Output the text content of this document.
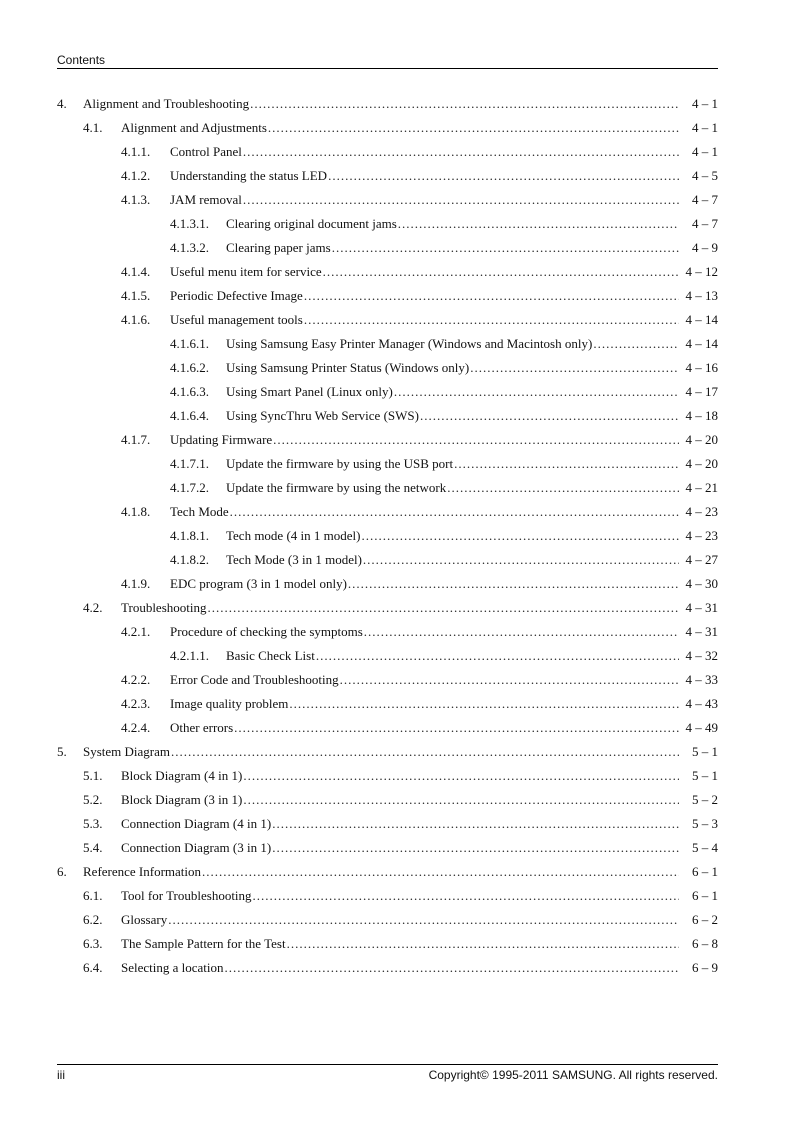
Contents
4. Alignment and Troubleshooting .....	4 – 1
4.1. Alignment and Adjustments .....	4 – 1
4.1.1. Control Panel .....	4 – 1
4.1.2. Understanding the status LED .....	4 – 5
4.1.3. JAM removal .....	4 – 7
4.1.3.1. Clearing original document jams .....	4 – 7
4.1.3.2. Clearing paper jams .....	4 – 9
4.1.4. Useful menu item for service .....	4 – 12
4.1.5. Periodic Defective Image .....	4 – 13
4.1.6. Useful management tools .....	4 – 14
4.1.6.1. Using Samsung Easy Printer Manager (Windows and Macintosh only) .....	4 – 14
4.1.6.2. Using Samsung Printer Status (Windows only) .....	4 – 16
4.1.6.3. Using Smart Panel (Linux only) .....	4 – 17
4.1.6.4. Using SyncThru Web Service (SWS) .....	4 – 18
4.1.7. Updating Firmware .....	4 – 20
4.1.7.1. Update the firmware by using the USB port .....	4 – 20
4.1.7.2. Update the firmware by using the network .....	4 – 21
4.1.8. Tech Mode .....	4 – 23
4.1.8.1. Tech mode (4 in 1 model) .....	4 – 23
4.1.8.2. Tech Mode (3 in 1 model) .....	4 – 27
4.1.9. EDC program (3 in 1 model only) .....	4 – 30
4.2. Troubleshooting .....	4 – 31
4.2.1. Procedure of checking the symptoms .....	4 – 31
4.2.1.1. Basic Check List .....	4 – 32
4.2.2. Error Code and Troubleshooting .....	4 – 33
4.2.3. Image quality problem .....	4 – 43
4.2.4. Other errors .....	4 – 49
5. System Diagram .....	5 – 1
5.1. Block Diagram (4 in 1) .....	5 – 1
5.2. Block Diagram (3 in 1) .....	5 – 2
5.3. Connection Diagram (4 in 1) .....	5 – 3
5.4. Connection Diagram (3 in 1) .....	5 – 4
6. Reference Information .....	6 – 1
6.1. Tool for Troubleshooting .....	6 – 1
6.2. Glossary .....	6 – 2
6.3. The Sample Pattern for the Test .....	6 – 8
6.4. Selecting a location .....	6 – 9
iii	Copyright© 1995-2011 SAMSUNG. All rights reserved.
